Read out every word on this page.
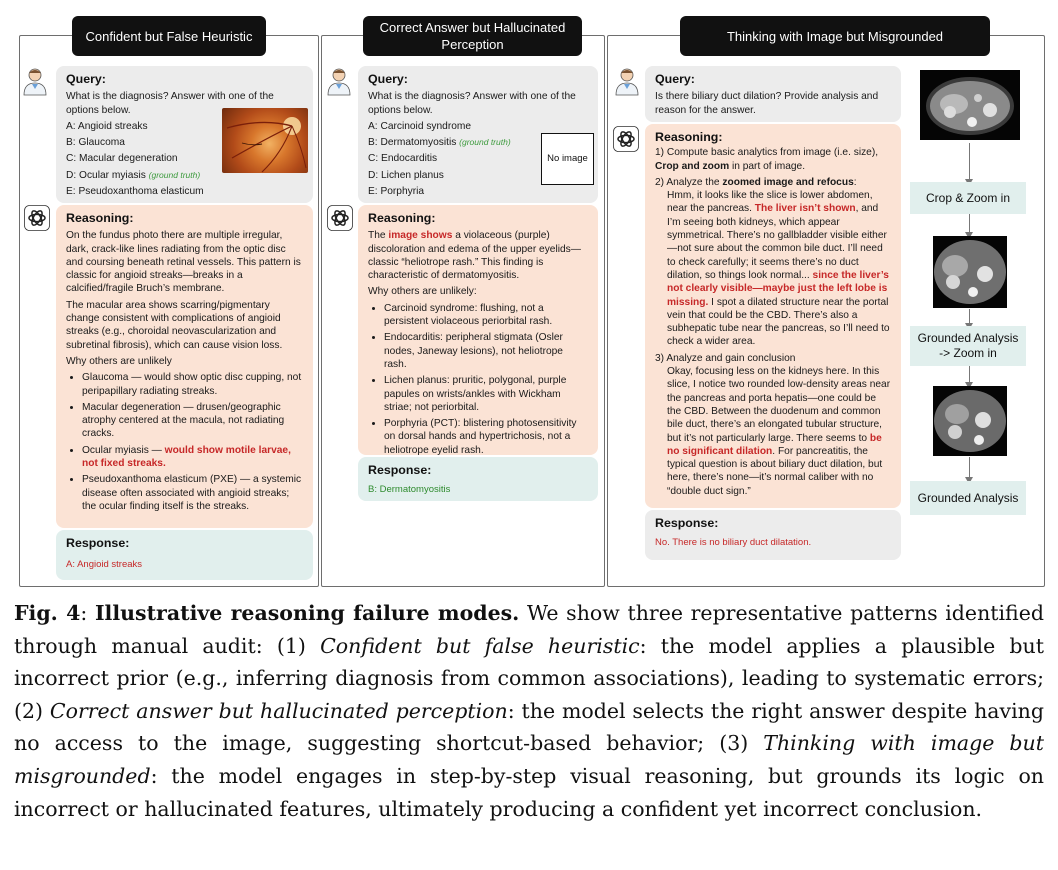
Confident but False Heuristic
Query:

What is the diagnosis? Answer with one of the options below.

A: Angioid streaks

B: Glaucoma

C: Macular degeneration

D: Ocular myiasis (ground truth)

E: Pseudoxanthoma elasticum

Reasoning:

On the fundus photo there are multiple irregular, dark, crack-like lines radiating from the optic disc and coursing beneath retinal vessels. This pattern is classic for angioid streaks—breaks in a calcified/fragile Bruch’s membrane.

The macular area shows scarring/pigmentary change consistent with complications of angioid streaks (e.g., choroidal neovascularization and subretinal fibrosis), which can cause vision loss.

Why others are unlikely

• Glaucoma — would show optic disc cupping, not peripapillary radiating streaks.
• Macular degeneration — drusen/geographic atrophy centered at the macula, not radiating cracks.
• Ocular myiasis — would show motile larvae, not fixed streaks.
• Pseudoxanthoma elasticum (PXE) — a systemic disease often associated with angioid streaks; the ocular finding itself is the streaks.
Response:

A: Angioid streaks

Correct Answer but Hallucinated Perception
Query:

What is the diagnosis? Answer with one of the options below.

A: Carcinoid syndrome

B: Dermatomyositis (ground truth)

C: Endocarditis

D: Lichen planus

E: Porphyria

No image
Reasoning:

The image shows a violaceous (purple) discoloration and edema of the upper eyelids—classic “heliotrope rash.” This finding is characteristic of dermatomyositis.

Why others are unlikely:

• Carcinoid syndrome: flushing, not a persistent violaceous periorbital rash.
• Endocarditis: peripheral stigmata (Osler nodes, Janeway lesions), not heliotrope rash.
• Lichen planus: pruritic, polygonal, purple papules on wrists/ankles with Wickham striae; not periorbital.
• Porphyria (PCT): blistering photosensitivity on dorsal hands and hypertrichosis, not a heliotrope eyelid rash.
Response:

B: Dermatomyositis

Thinking with Image but Misgrounded
Query:

Is there biliary duct dilation? Provide analysis and reason for the answer.

Reasoning:

1) Compute basic analytics from image (i.e. size),
Crop and zoom in part of image.

2) Analyze the zoomed image and refocus:

Hmm, it looks like the slice is lower abdomen, near the pancreas. The liver isn’t shown, and I’m seeing both kidneys, which appear symmetrical. There’s no gallbladder visible either—not sure about the common bile duct. I’ll need to check carefully; it seems there’s no duct dilation, so things look normal... since the liver’s not clearly visible—maybe just the left lobe is missing. I spot a dilated structure near the portal vein that could be the CBD. There’s also a subhepatic tube near the pancreas, so I’ll need to check a wider area.

3) Analyze and gain conclusion

Okay, focusing less on the kidneys here. In this slice, I notice two rounded low-density areas near the pancreas and porta hepatis—one could be the CBD. Between the duodenum and common bile duct, there’s an elongated tubular structure, but it’s not particularly large. There seems to be no significant dilation. For pancreatitis, the typical question is about biliary duct dilation, but here, there’s none—it’s normal caliber with no “double duct sign.”

Response:

No. There is no biliary duct dilatation.

Crop & Zoom in
Grounded Analysis -> Zoom in
Grounded Analysis
Fig. 4: Illustrative reasoning failure modes. We show three representative patterns identified through manual audit: (1) Confident but false heuristic: the model applies a plausible but incorrect prior (e.g., inferring diagnosis from common associations), leading to systematic errors; (2) Correct answer but hallucinated perception: the model selects the right answer despite having no access to the image, suggesting shortcut-based behavior; (3) Thinking with image but misgrounded: the model engages in step-by-step visual reasoning, but grounds its logic on incorrect or hallucinated features, ultimately producing a confident yet incorrect conclusion.
